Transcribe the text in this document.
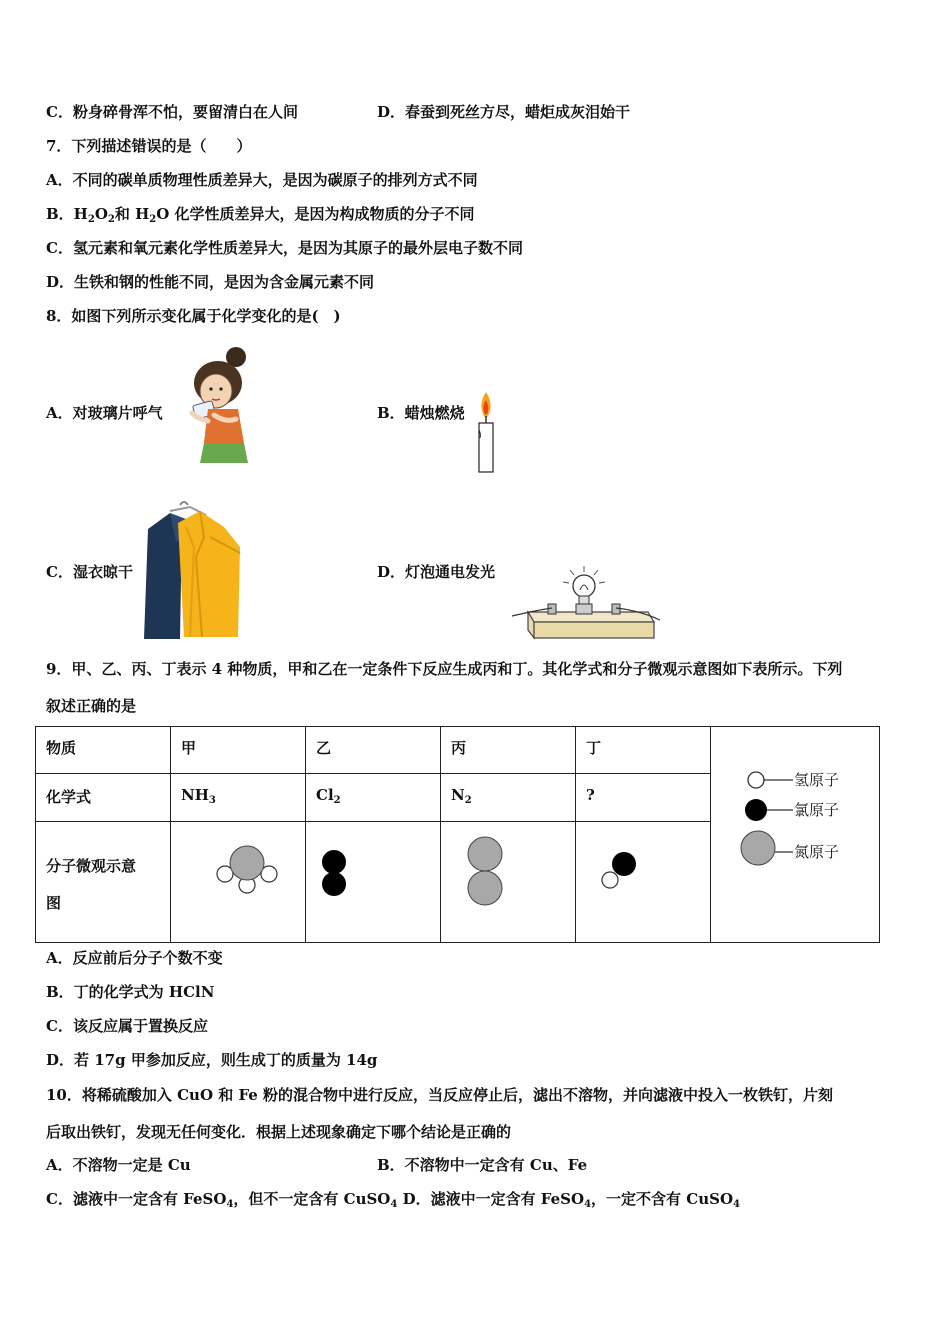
C．粉身碎骨浑不怕，要留清白在人间	D．春蚕到死丝方尽，蜡炬成灰泪始干
7．下列描述错误的是（　　）
A．不同的碳单质物理性质差异大，是因为碳原子的排列方式不同
B．$H_2O_2$和 $H_2O$ 化学性质差异大，是因为构成物质的分子不同
C．氢元素和氧元素化学性质差异大，是因为其原子的最外层电子数不同
D．生铁和钢的性能不同，是因为含金属元素不同
8．如图下列所示变化属于化学变化的是(　)
A．对玻璃片呼气	B．蜡烛燃烧
C．湿衣晾干	D．灯泡通电发光
9．甲、乙、丙、丁表示 4 种物质，甲和乙在一定条件下反应生成丙和丁。其化学式和分子微观示意图如下表所示。下列
叙述正确的是
物质	甲	乙	丙	丁	氢原子
氯原子
氮原子

化学式	$NH_3$	$Cl_2$	$N_2$	?	
分子微观示意
图	

A．反应前后分子个数不变
B．丁的化学式为 HClN
C．该反应属于置换反应
D．若 17g 甲参加反应，则生成丁的质量为 14g
10．将稀硫酸加入 CuO 和 Fe 粉的混合物中进行反应，当反应停止后，滤出不溶物，并向滤液中投入一枚铁钉，片刻
后取出铁钉，发现无任何变化．根据上述现象确定下哪个结论是正确的
A．不溶物一定是 Cu	B．不溶物中一定含有 Cu、Fe
C．滤液中一定含有 FeSO$_4$，但不一定含有 CuSO$_4$ D．滤液中一定含有 FeSO$_4$，一定不含有 CuSO$_4$
